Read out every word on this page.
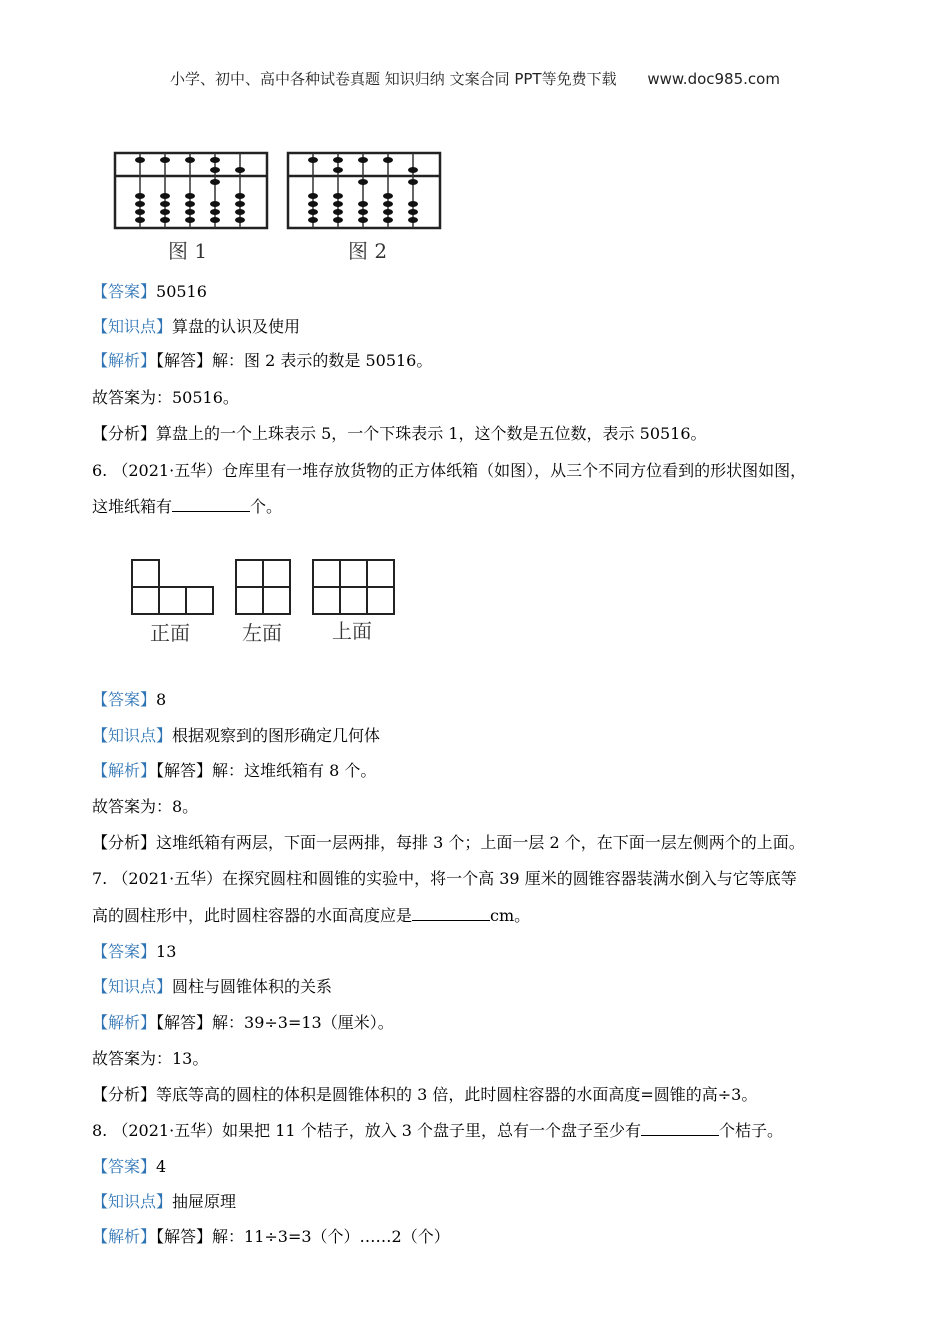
小学、初中、高中各种试卷真题 知识归纳 文案合同 PPT等免费下载 www.doc985.com
图 1	图 2
【答案】50516
【知识点】算盘的认识及使用
【解析】【解答】解：图 2 表示的数是 50516。
故答案为：50516。
【分析】算盘上的一个上珠表示 5，一个下珠表示 1，这个数是五位数，表示 50516。
6. （2021·五华）仓库里有一堆存放货物的正方体纸箱（如图），从三个不同方位看到的形状图如图，
这堆纸箱有	个。
正面	左面	上面
【答案】8
【知识点】根据观察到的图形确定几何体
【解析】【解答】解：这堆纸箱有 8 个。
故答案为：8。
【分析】这堆纸箱有两层，下面一层两排，每排 3 个；上面一层 2 个，在下面一层左侧两个的上面。
7. （2021·五华）在探究圆柱和圆锥的实验中，将一个高 39 厘米的圆锥容器装满水倒入与它等底等
高的圆柱形中，此时圆柱容器的水面高度应是	cm。
【答案】13
【知识点】圆柱与圆锥体积的关系
【解析】【解答】解：39÷3=13（厘米）。
故答案为：13。
【分析】等底等高的圆柱的体积是圆锥体积的 3 倍，此时圆柱容器的水面高度=圆锥的高÷3。
8. （2021·五华）如果把 11 个桔子，放入 3 个盘子里，总有一个盘子至少有	个桔子。
【答案】4
【知识点】抽屉原理
【解析】【解答】解：11÷3=3（个）……2（个）
